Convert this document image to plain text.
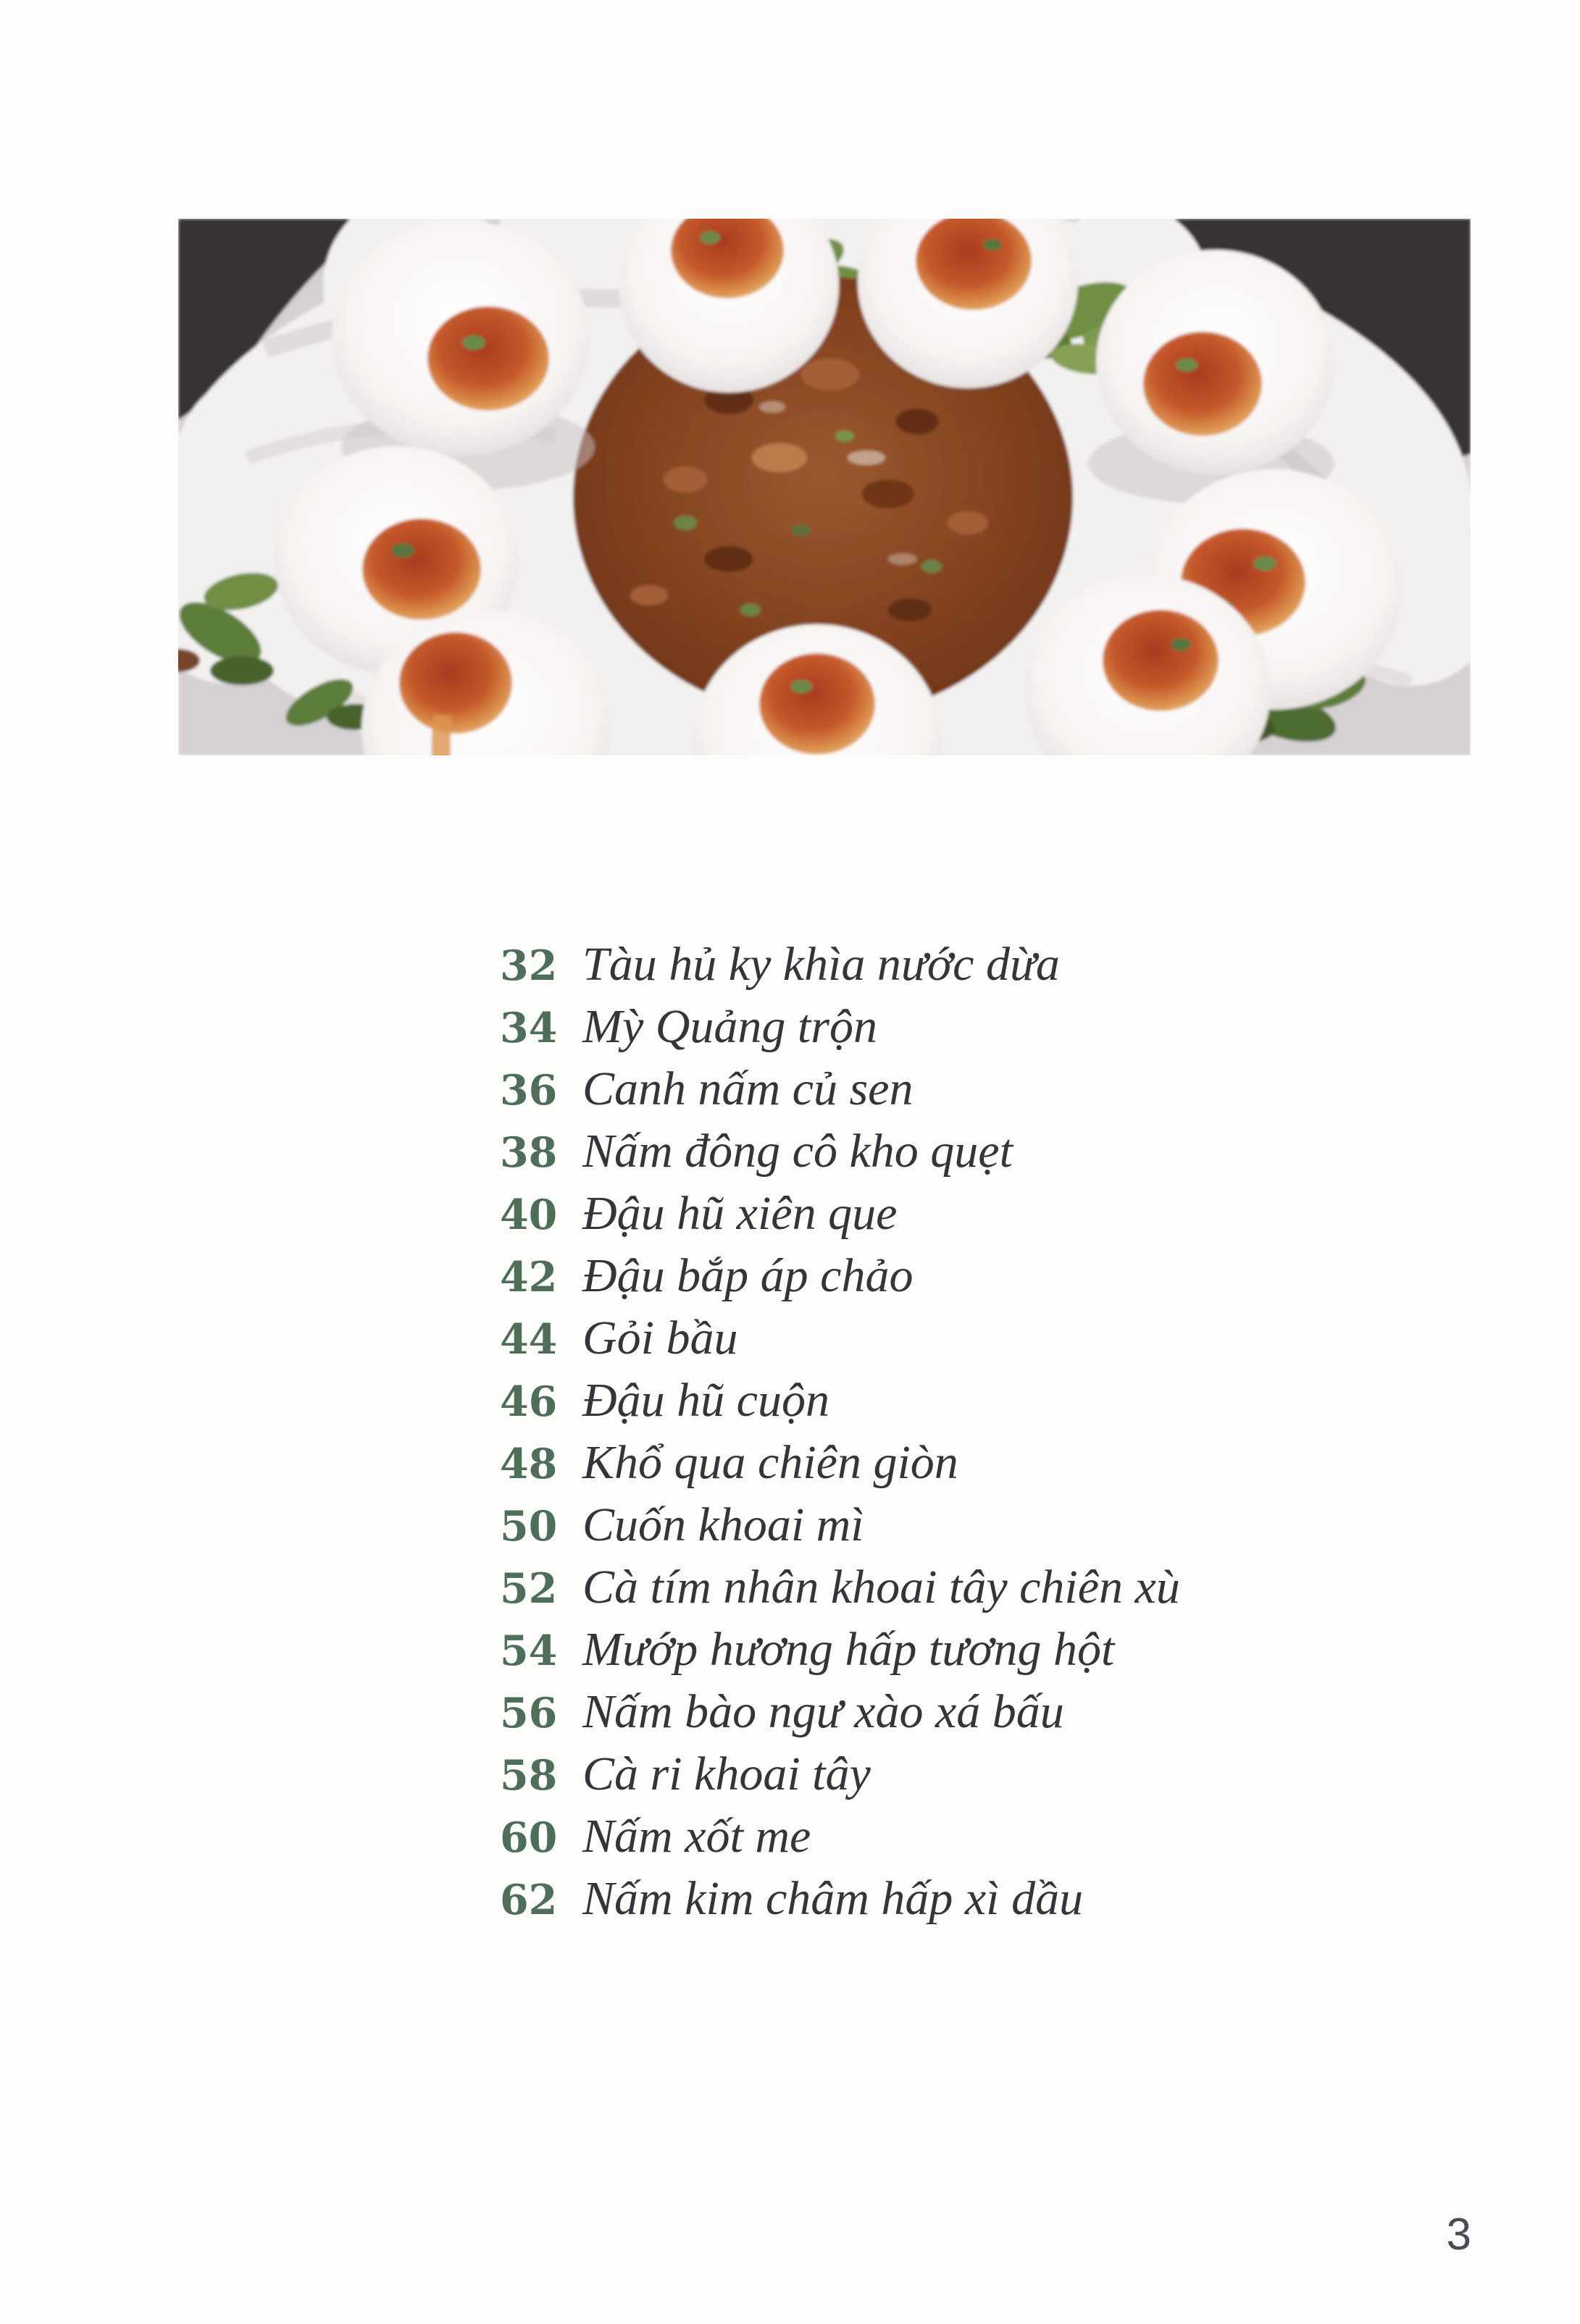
32 Tàu hủ ky khìa nước dừa
34 Mỳ Quảng trộn
36 Canh nấm củ sen
38 Nấm đông cô kho quẹt
40 Đậu hũ xiên que
42 Đậu bắp áp chảo
44 Gỏi bầu
46 Đậu hũ cuộn
48 Khổ qua chiên giòn
50 Cuốn khoai mì
52 Cà tím nhân khoai tây chiên xù
54 Mướp hương hấp tương hột
56 Nấm bào ngư xào xá bấu
58 Cà ri khoai tây
60 Nấm xốt me
62 Nấm kim châm hấp xì dầu
3
